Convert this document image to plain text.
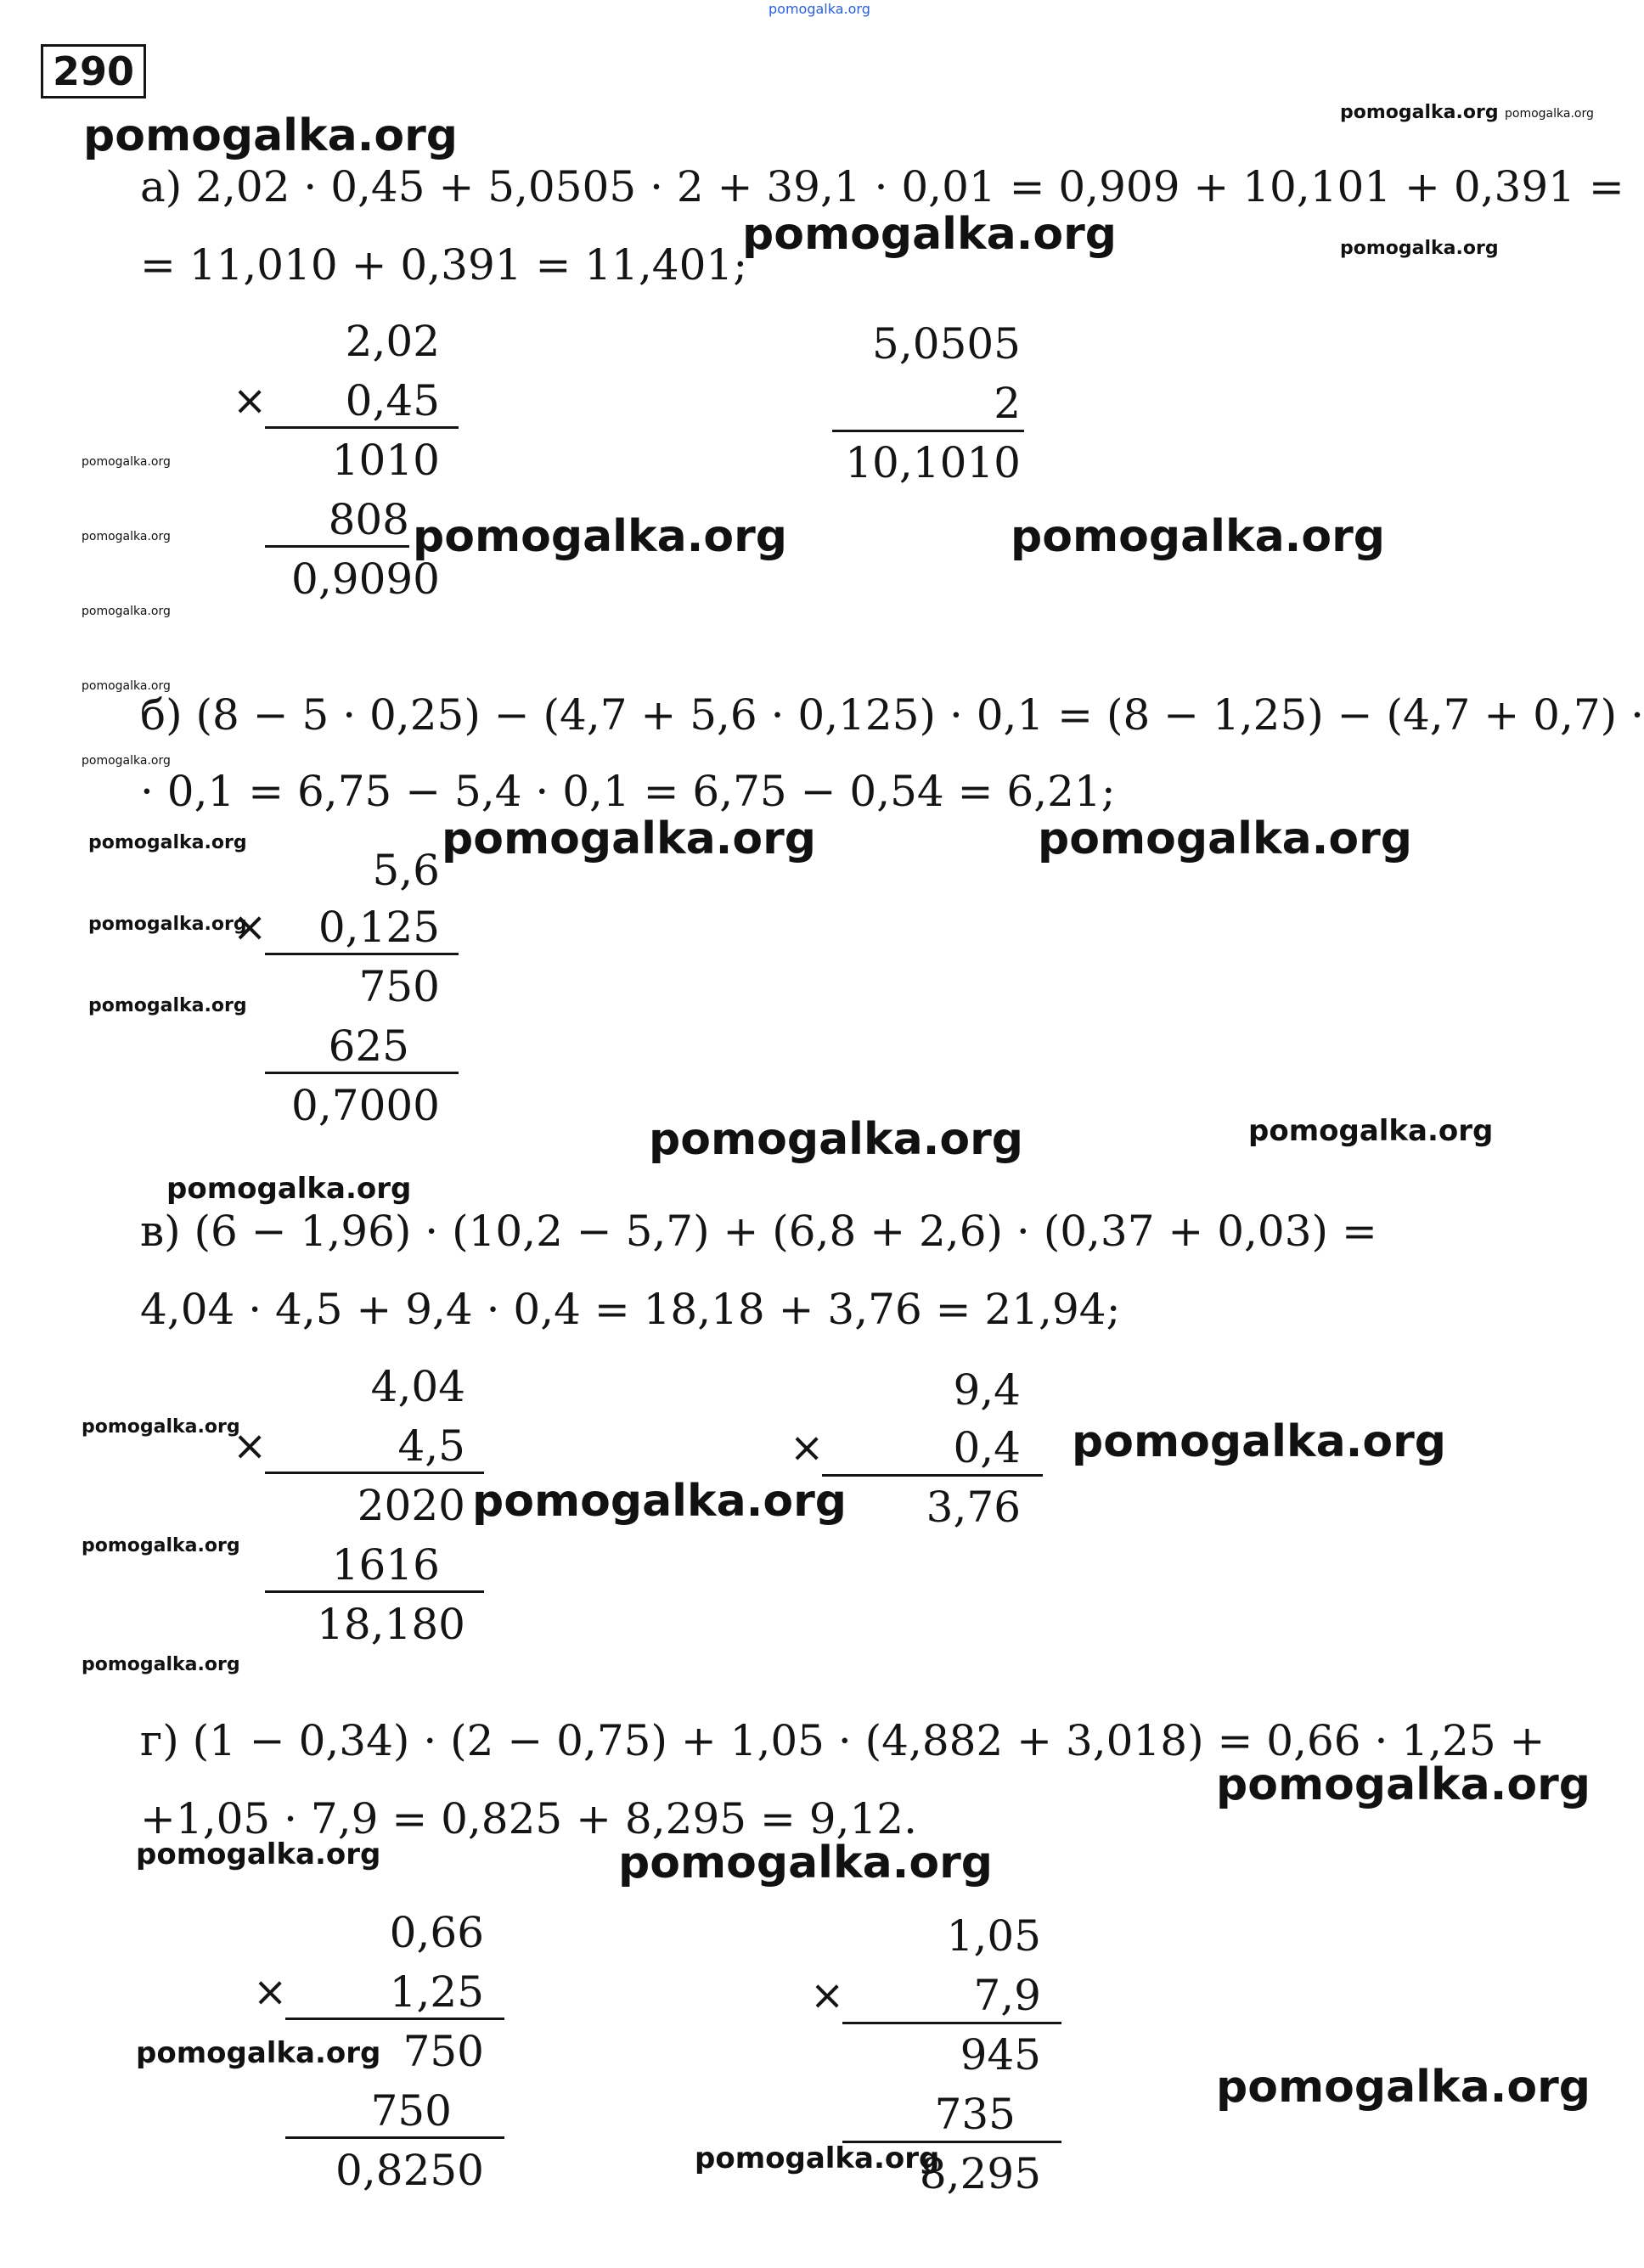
pomogalka.org
290
а) 2,02 · 0,45 + 5,0505 · 2 + 39,1 · 0,01 = 0,909 + 10,101 + 0,391 =
= 11,010 + 0,391 = 11,401;
2,02
× 0,45
1010
808
0,9090
5,0505
2
10,1010
б) (8 − 5 · 0,25) − (4,7 + 5,6 · 0,125) · 0,1 = (8 − 1,25) − (4,7 + 0,7) ·
· 0,1 = 6,75 − 5,4 · 0,1 = 6,75 − 0,54 = 6,21;
5,6
× 0,125
750
625
0,7000
в) (6 − 1,96) · (10,2 − 5,7) + (6,8 + 2,6) · (0,37 + 0,03) =
4,04 · 4,5 + 9,4 · 0,4 = 18,18 + 3,76 = 21,94;
4,04
×	4,5
2020
1616
18,180
9,4
×	0,4
3,76
г) (1 − 0,34) · (2 − 0,75) + 1,05 · (4,882 + 3,018) = 0,66 · 1,25 +
+1,05 · 7,9 = 0,825 + 8,295 = 9,12.
0,66
× 1,25
750
750
0,8250
1,05
×	7,9
945
735
8,295
pomogalka.org	pomogalka.org pomogalka.org
pomogalka.org	pomogalka.org
pomogalka.org
pomogalka.org
pomogalka.org
pomogalka.org
pomogalka.org
pomogalka.org	pomogalka.org
pomogalka.org	pomogalka.org
pomogalka.org
pomogalka.org
pomogalka.org
pomogalka.org	pomogalka.org
pomogalka.org
pomogalka.org	pomogalka.org
pomogalka.org
pomogalka.org
pomogalka.org
pomogalka.org
pomogalka.org	pomogalka.org
pomogalka.org
pomogalka.org
pomogalka.org
